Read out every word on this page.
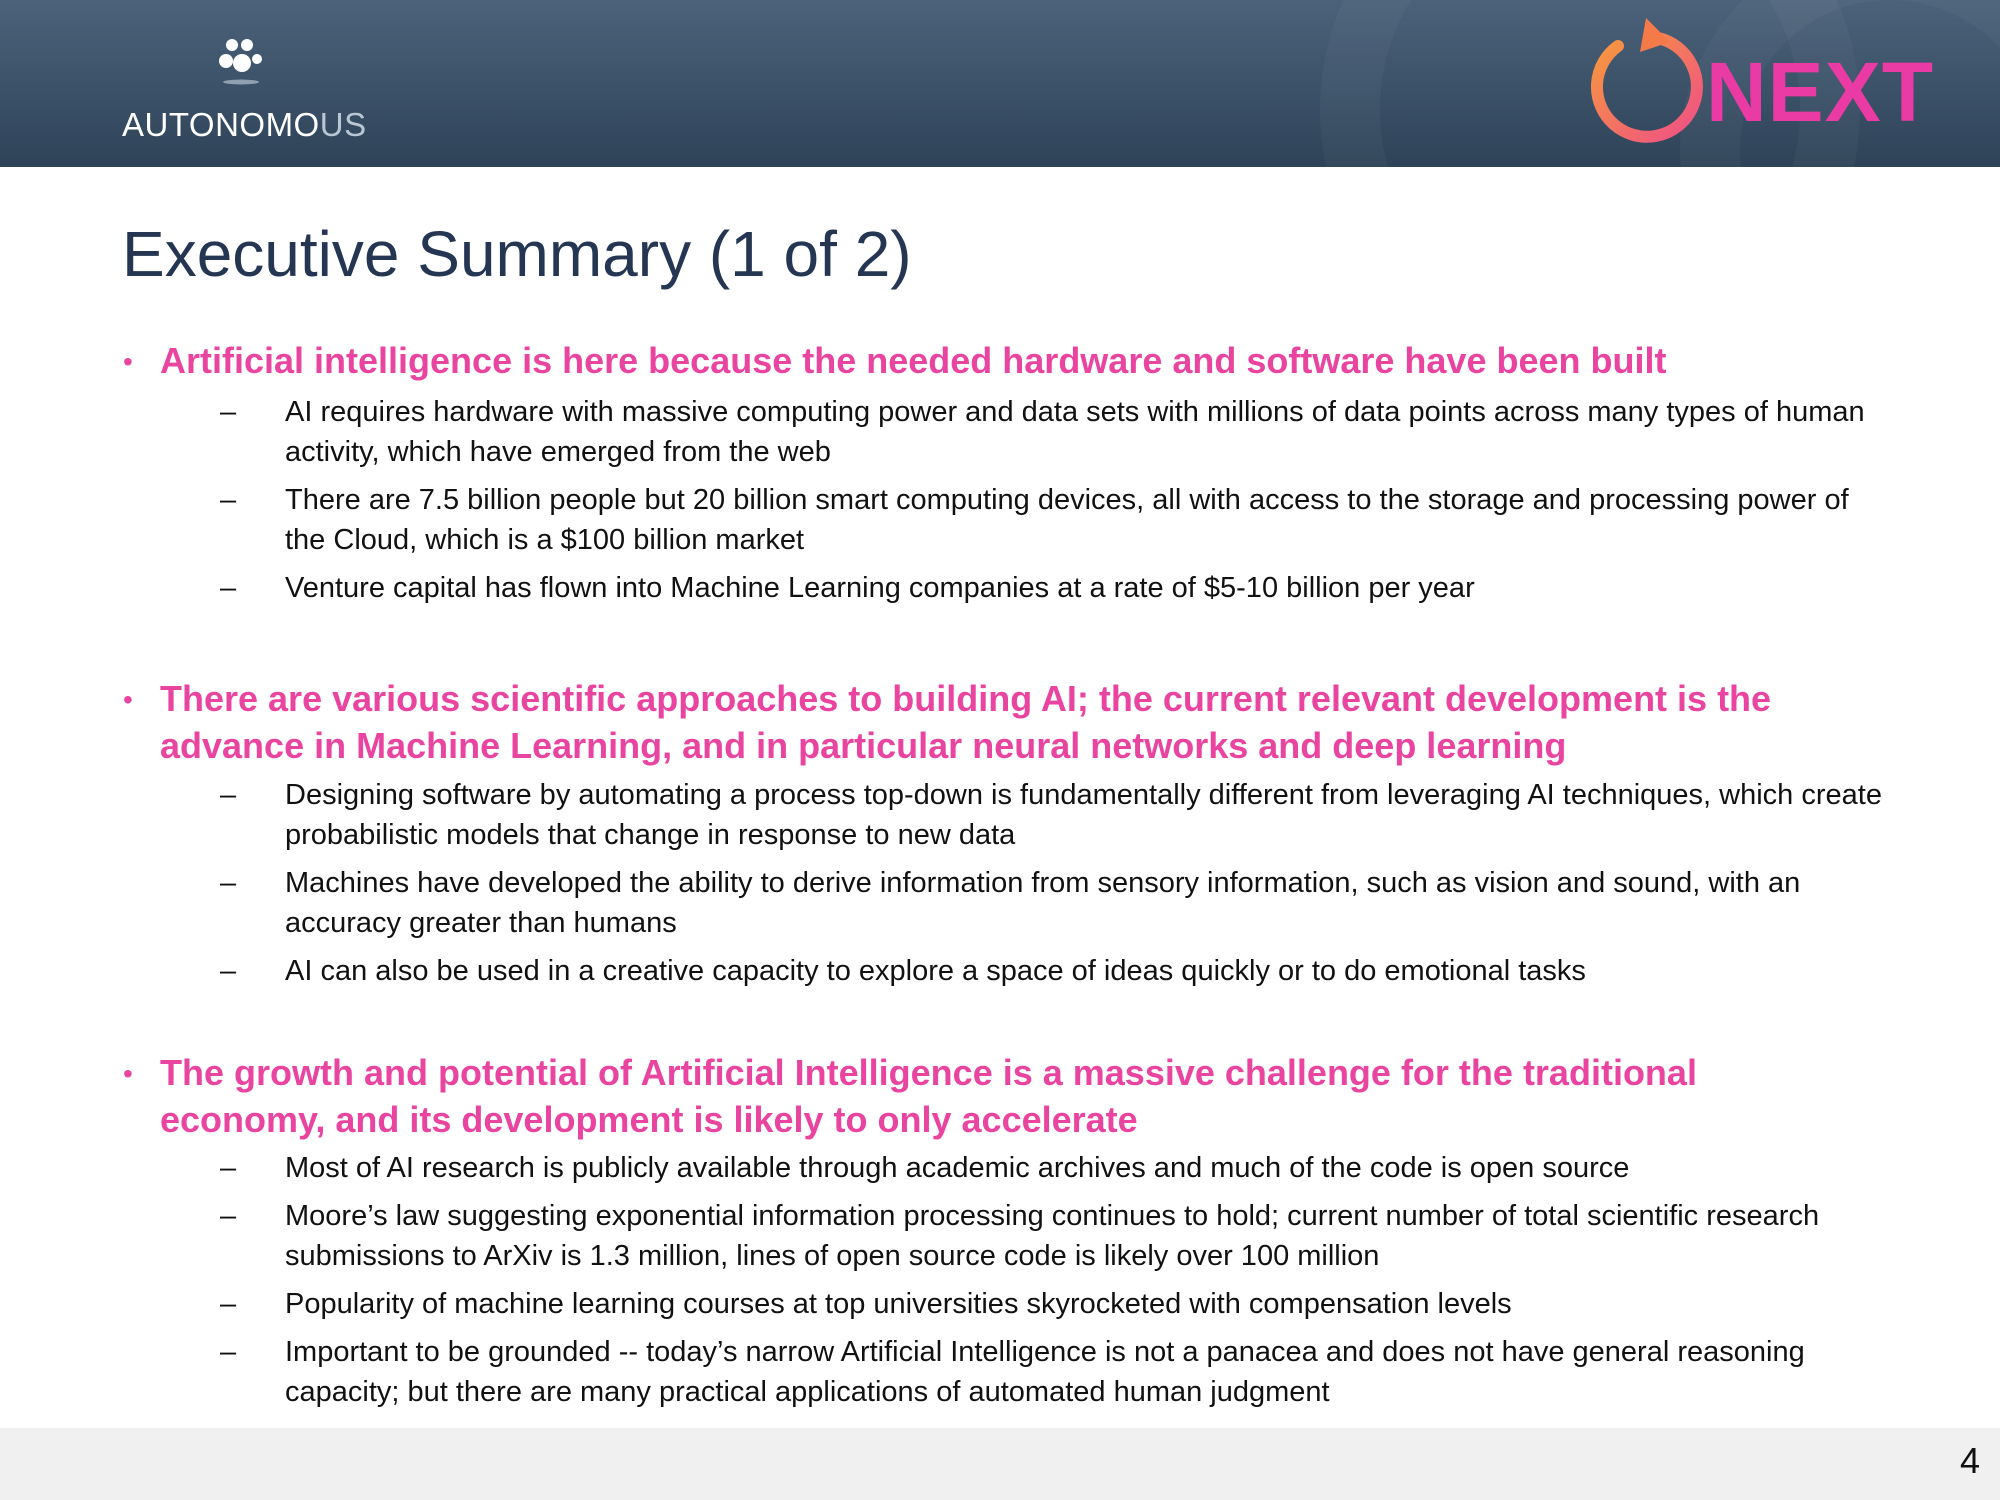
AUTONOMOUS	NEXT
Executive Summary (1 of 2)
• Artificial intelligence is here because the needed hardware and software have been built
– AI requires hardware with massive computing power and data sets with millions of data points across many types of human activity, which have emerged from the web
– There are 7.5 billion people but 20 billion smart computing devices, all with access to the storage and processing power of the Cloud, which is a $100 billion market
– Venture capital has flown into Machine Learning companies at a rate of $5-10 billion per year
• There are various scientific approaches to building AI; the current relevant development is the advance in Machine Learning, and in particular neural networks and deep learning
– Designing software by automating a process top-down is fundamentally different from leveraging AI techniques, which create probabilistic models that change in response to new data
– Machines have developed the ability to derive information from sensory information, such as vision and sound, with an accuracy greater than humans
– AI can also be used in a creative capacity to explore a space of ideas quickly or to do emotional tasks
• The growth and potential of Artificial Intelligence is a massive challenge for the traditional economy, and its development is likely to only accelerate
– Most of AI research is publicly available through academic archives and much of the code is open source
– Moore’s law suggesting exponential information processing continues to hold; current number of total scientific research submissions to ArXiv is 1.3 million, lines of open source code is likely over 100 million
– Popularity of machine learning courses at top universities skyrocketed with compensation levels
– Important to be grounded -- today’s narrow Artificial Intelligence is not a panacea and does not have general reasoning capacity; but there are many practical applications of automated human judgment
4
